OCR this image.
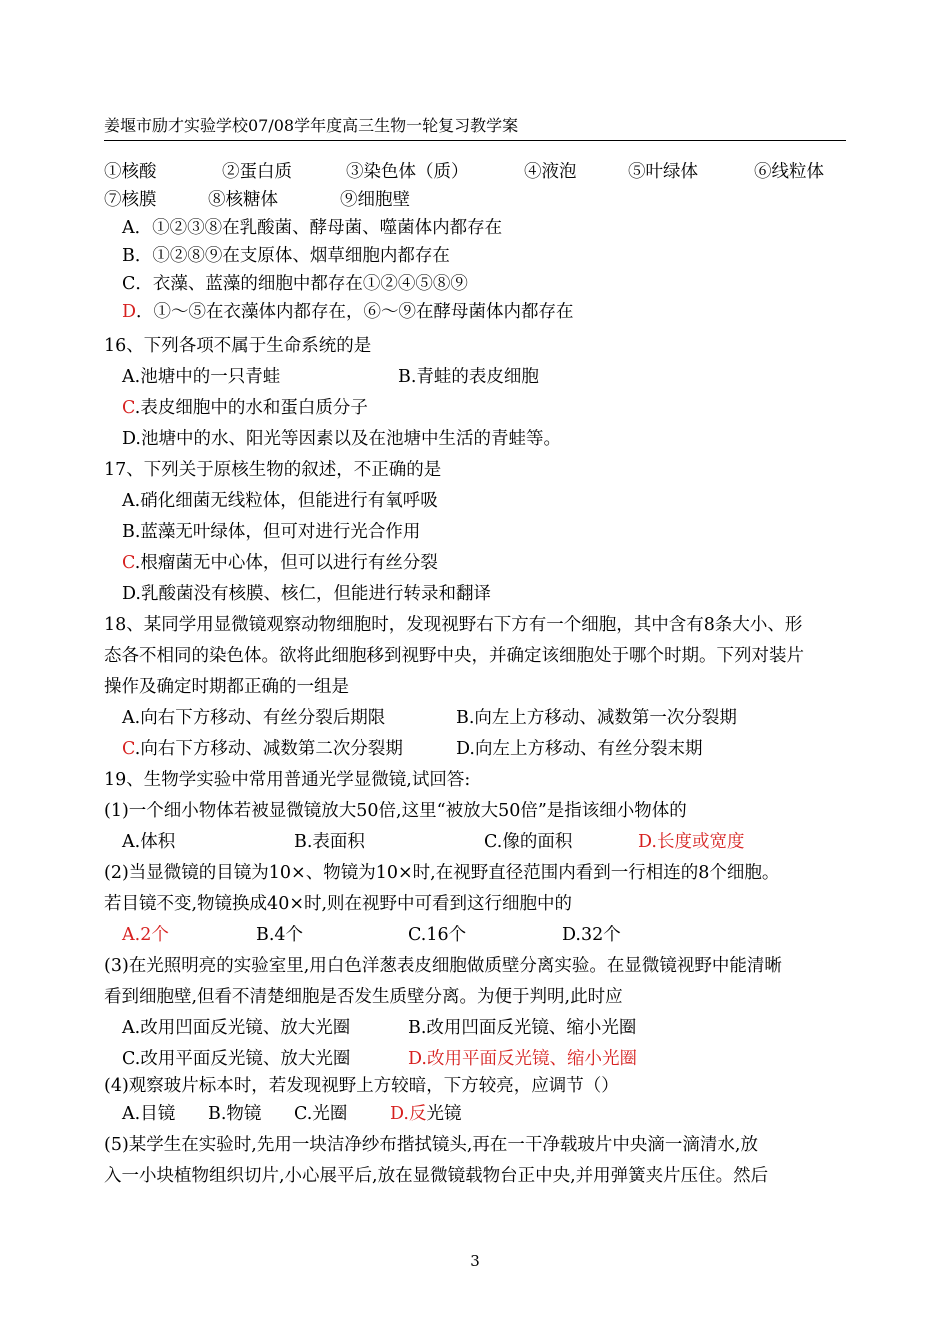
姜堰市励才实验学校07/08学年度高三生物一轮复习教学案
①核酸	②蛋白质	③染色体（质）	④液泡	⑤叶绿体	⑥线粒体
⑦核膜	⑧核糖体	⑨细胞壁
A．①②③⑧在乳酸菌、酵母菌、噬菌体内都存在
B．①②⑧⑨在支原体、烟草细胞内都存在
C．衣藻、蓝藻的细胞中都存在①②④⑤⑧⑨
D．①～⑤在衣藻体内都存在，⑥～⑨在酵母菌体内都存在
16、下列各项不属于生命系统的是
A.池塘中的一只青蛙	B.青蛙的表皮细胞
C.表皮细胞中的水和蛋白质分子
D.池塘中的水、阳光等因素以及在池塘中生活的青蛙等。
17、下列关于原核生物的叙述，不正确的是
A.硝化细菌无线粒体，但能进行有氧呼吸
B.蓝藻无叶绿体，但可对进行光合作用
C.根瘤菌无中心体，但可以进行有丝分裂
D.乳酸菌没有核膜、核仁，但能进行转录和翻译
18、某同学用显微镜观察动物细胞时，发现视野右下方有一个细胞，其中含有8条大小、形
态各不相同的染色体。欲将此细胞移到视野中央，并确定该细胞处于哪个时期。下列对装片
操作及确定时期都正确的一组是
A.向右下方移动、有丝分裂后期限	B.向左上方移动、减数第一次分裂期
C.向右下方移动、减数第二次分裂期	D.向左上方移动、有丝分裂末期
19、生物学实验中常用普通光学显微镜,试回答:
(1)一个细小物体若被显微镜放大50倍,这里“被放大50倍”是指该细小物体的
A.体积	B.表面积	C.像的面积	D.长度或宽度
(2)当显微镜的目镜为10×、物镜为10×时,在视野直径范围内看到一行相连的8个细胞。
若目镜不变,物镜换成40×时,则在视野中可看到这行细胞中的
A.2个	B.4个	C.16个	D.32个
(3)在光照明亮的实验室里,用白色洋葱表皮细胞做质壁分离实验。在显微镜视野中能清晰
看到细胞壁,但看不清楚细胞是否发生质壁分离。为便于判明,此时应
A.改用凹面反光镜、放大光圈	B.改用凹面反光镜、缩小光圈
C.改用平面反光镜、放大光圈	D.改用平面反光镜、缩小光圈
(4)观察玻片标本时，若发现视野上方较暗，下方较亮，应调节（）
A.目镜 B.物镜 C.光圈 D.反光镜
(5)某学生在实验时,先用一块洁净纱布揩拭镜头,再在一干净载玻片中央滴一滴清水,放
入一小块植物组织切片,小心展平后,放在显微镜载物台正中央,并用弹簧夹片压住。然后
3
